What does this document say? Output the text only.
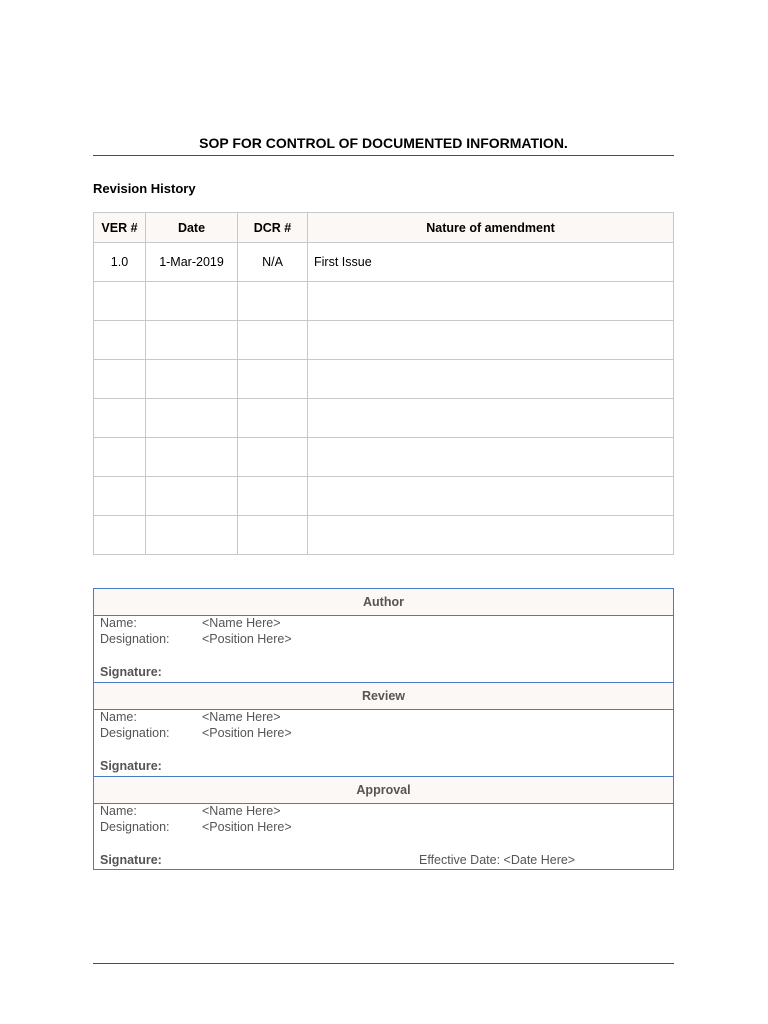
SOP FOR CONTROL OF DOCUMENTED INFORMATION.
Revision History
VER #	Date	DCR #	Nature of amendment
1.0	1-Mar-2019	N/A	First Issue

Author
Name:	<Name Here>
Designation:	<Position Here>
Signature:
Review
Name:	<Name Here>
Designation:	<Position Here>
Signature:
Approval
Name:	<Name Here>
Designation:	<Position Here>
Signature:	Effective Date: <Date Here>
